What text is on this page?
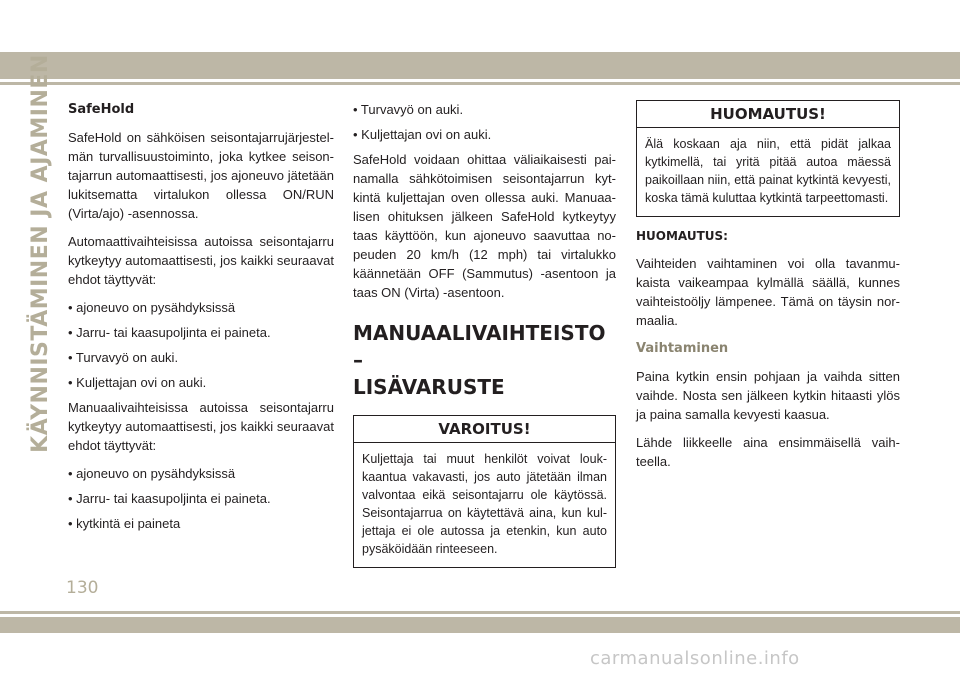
KÄYNNISTÄMINEN JA AJAMINEN SafeHold

SafeHold on sähköisen seisontajarrujärjestelmän turvallisuustoiminto, joka kytkee seisontajarrun automaattisesti, jos ajoneuvo jätetään lukitsematta virtalukon ollessa ON/RUN (Virta/ajo) -asennossa.

Automaattivaihteisissa autoissa seisontajarru kytkeytyy automaattisesti, jos kaikki seuraavat ehdot täyttyvät:

• ajoneuvo on pysähdyksissä

• Jarru- tai kaasupoljinta ei paineta.

• Turvavyö on auki.

• Kuljettajan ovi on auki.

Manuaalivaihteisissa autoissa seisontajarru kytkeytyy automaattisesti, jos kaikki seuraavat ehdot täyttyvät:

• ajoneuvo on pysähdyksissä

• Jarru- tai kaasupoljinta ei paineta.

• kytkintä ei paineta

• Turvavyö on auki.

• Kuljettajan ovi on auki.

SafeHold voidaan ohittaa väliaikaisesti painamalla sähkötoimisen seisontajarrun kytkintä kuljettajan oven ollessa auki. Manuaalisen ohituksen jälkeen SafeHold kytkeytyy taas käyttöön, kun ajoneuvo saavuttaa nopeuden 20 km/h (12 mph) tai virtalukko käännetään OFF (Sammutus) -asentoon ja taas ON (Virta) -asentoon.

MANUAALIVAIHTEISTO –
LISÄVARUSTE
VAROITUS!
Kuljettaja tai muut henkilöt voivat loukkaantua vakavasti, jos auto jätetään ilman valvontaa eikä seisontajarru ole käytössä. Seisontajarrua on käytettävä aina, kun kuljettaja ei ole autossa ja etenkin, kun auto pysäköidään rinteeseen.
HUOMAUTUS!
Älä koskaan aja niin, että pidät jalkaa kytkimellä, tai yritä pitää autoa mäessä paikoillaan niin, että painat kytkintä kevyesti, koska tämä kuluttaa kytkintä tarpeettomasti.

HUOMAUTUS:

Vaihteiden vaihtaminen voi olla tavanmukaista vaikeampaa kylmällä säällä, kunnes vaihteistoöljy lämpenee. Tämä on täysin normaalia.

Vaihtaminen

Paina kytkin ensin pohjaan ja vaihda sitten vaihde. Nosta sen jälkeen kytkin hitaasti ylös ja paina samalla kevyesti kaasua.

Lähde liikkeelle aina ensimmäisellä vaihteella.

130
carmanualsonline.info
